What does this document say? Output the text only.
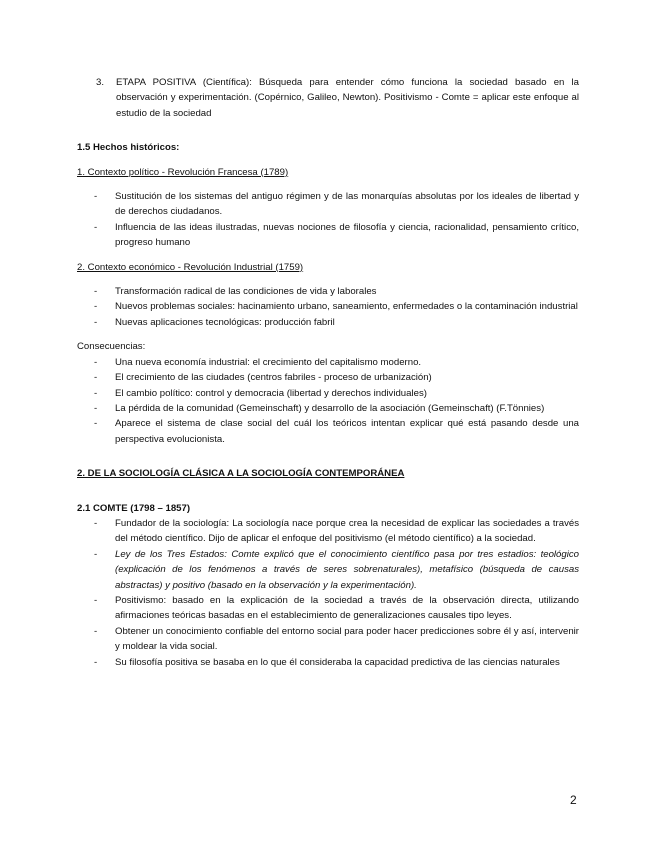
3.	ETAPA POSITIVA (Científica): Búsqueda para entender cómo funciona la sociedad basado en la observación y experimentación. (Copérnico, Galileo, Newton). Positivismo - Comte = aplicar este enfoque al estudio de la sociedad

1.5 Hechos históricos:

1. Contexto político - Revolución Francesa (1789)

-	Sustitución de los sistemas del antiguo régimen y de las monarquías absolutas por los ideales de libertad y de derechos ciudadanos.
-	Influencia de las ideas ilustradas, nuevas nociones de filosofía y ciencia, racionalidad, pensamiento crítico, progreso humano

2. Contexto económico - Revolución Industrial (1759)

-	Transformación radical de las condiciones de vida y laborales
-	Nuevos problemas sociales: hacinamiento urbano, saneamiento, enfermedades o la contaminación industrial
-	Nuevas aplicaciones tecnológicas: producción fabril

Consecuencias:

-	Una nueva economía industrial: el crecimiento del capitalismo moderno.
-	El crecimiento de las ciudades (centros fabriles - proceso de urbanización)
-	El cambio político: control y democracia (libertad y derechos individuales)
-	La pérdida de la comunidad (Gemeinschaft) y desarrollo de la asociación (Gemeinschaft) (F.Tönnies)
-	Aparece el sistema de clase social del cuál los teóricos intentan explicar qué está pasando desde una perspectiva evolucionista.

2. DE LA SOCIOLOGÍA CLÁSICA A LA SOCIOLOGÍA CONTEMPORÁNEA

2.1 COMTE (1798 – 1857)

-	Fundador de la sociología: La sociología nace porque crea la necesidad de explicar las sociedades a través del método científico. Dijo de aplicar el enfoque del positivismo (el método científico) a la sociedad.
-	Ley de los Tres Estados: Comte explicó que el conocimiento científico pasa por tres estadios: teológico (explicación de los fenómenos a través de seres sobrenaturales), metafísico (búsqueda de causas abstractas) y positivo (basado en la observación y la experimentación).
-	Positivismo: basado en la explicación de la sociedad a través de la observación directa, utilizando afirmaciones teóricas basadas en el establecimiento de generalizaciones causales tipo leyes.
-	Obtener un conocimiento confiable del entorno social para poder hacer predicciones sobre él y así, intervenir y moldear la vida social.
-	Su filosofía positiva se basaba en lo que él consideraba la capacidad predictiva de las ciencias naturales
2
